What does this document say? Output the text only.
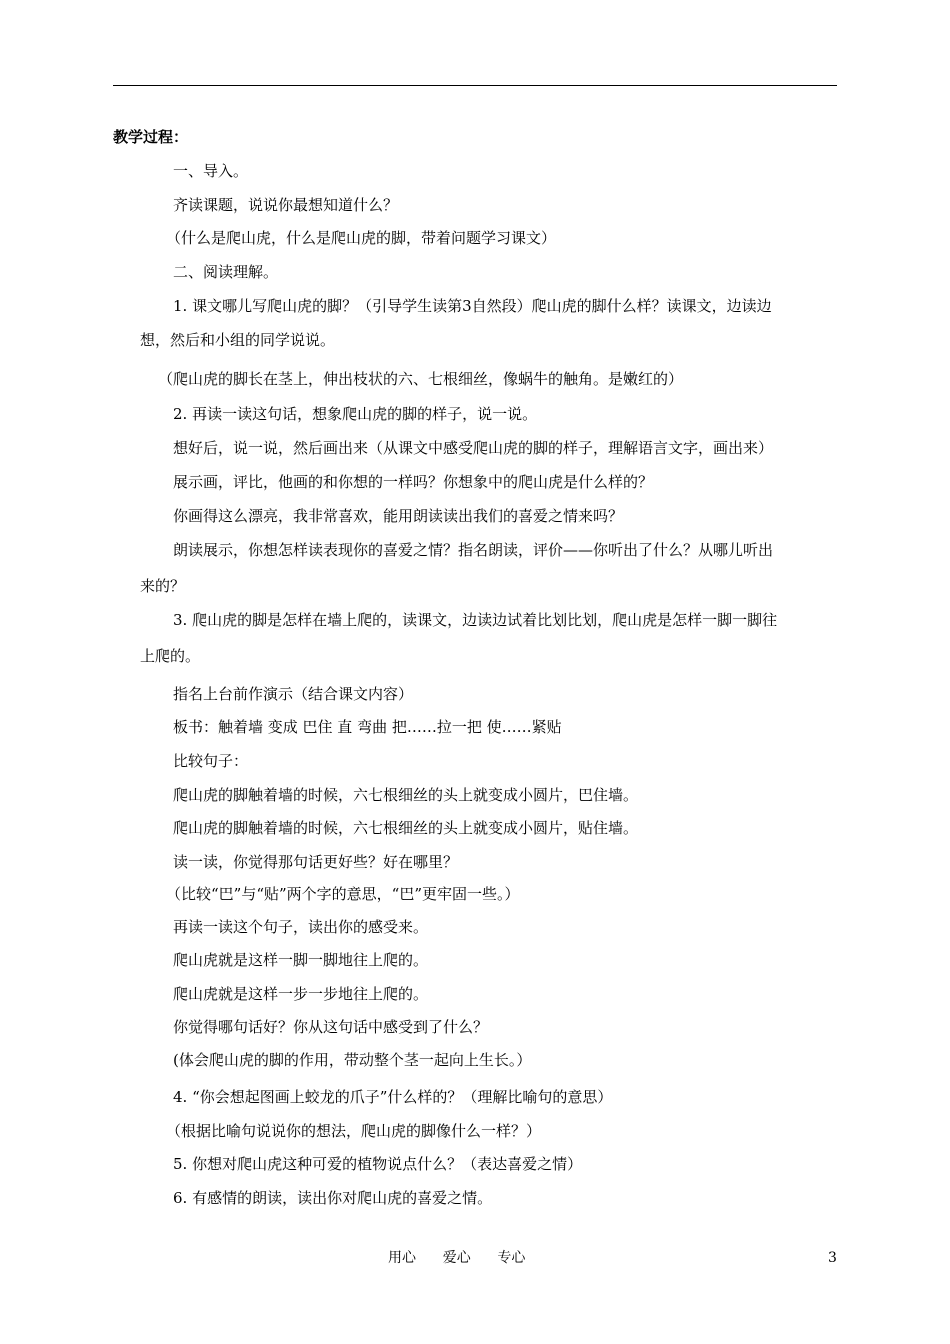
教学过程：
一、导入。
齐读课题，说说你最想知道什么？
（什么是爬山虎，什么是爬山虎的脚，带着问题学习课文）
二、阅读理解。
1. 课文哪儿写爬山虎的脚？（引导学生读第3自然段）爬山虎的脚什么样？读课文，边读边
想，然后和小组的同学说说。
（爬山虎的脚长在茎上，伸出枝状的六、七根细丝，像蜗牛的触角。是嫩红的）
2. 再读一读这句话，想象爬山虎的脚的样子，说一说。
想好后，说一说，然后画出来（从课文中感受爬山虎的脚的样子，理解语言文字，画出来）
展示画，评比，他画的和你想的一样吗？你想象中的爬山虎是什么样的？
你画得这么漂亮，我非常喜欢，能用朗读读出我们的喜爱之情来吗？
朗读展示，你想怎样读表现你的喜爱之情？指名朗读，评价——你听出了什么？从哪儿听出
来的？
3. 爬山虎的脚是怎样在墙上爬的，读课文，边读边试着比划比划，爬山虎是怎样一脚一脚往
上爬的。
指名上台前作演示（结合课文内容）
板书：触着墙 变成 巴住 直 弯曲 把……拉一把 使……紧贴
比较句子：
爬山虎的脚触着墙的时候，六七根细丝的头上就变成小圆片，巴住墙。
爬山虎的脚触着墙的时候，六七根细丝的头上就变成小圆片，贴住墙。
读一读，你觉得那句话更好些？好在哪里？
（比较“巴”与“贴”两个字的意思，“巴”更牢固一些。）
再读一读这个句子，读出你的感受来。
爬山虎就是这样一脚一脚地往上爬的。
爬山虎就是这样一步一步地往上爬的。
你觉得哪句话好？你从这句话中感受到了什么？
(体会爬山虎的脚的作用，带动整个茎一起向上生长。）
4. “你会想起图画上蛟龙的爪子”什么样的？（理解比喻句的意思）
（根据比喻句说说你的想法，爬山虎的脚像什么一样？）
5. 你想对爬山虎这种可爱的植物说点什么？（表达喜爱之情）
6. 有感情的朗读，读出你对爬山虎的喜爱之情。
用心      爱心      专心	3
